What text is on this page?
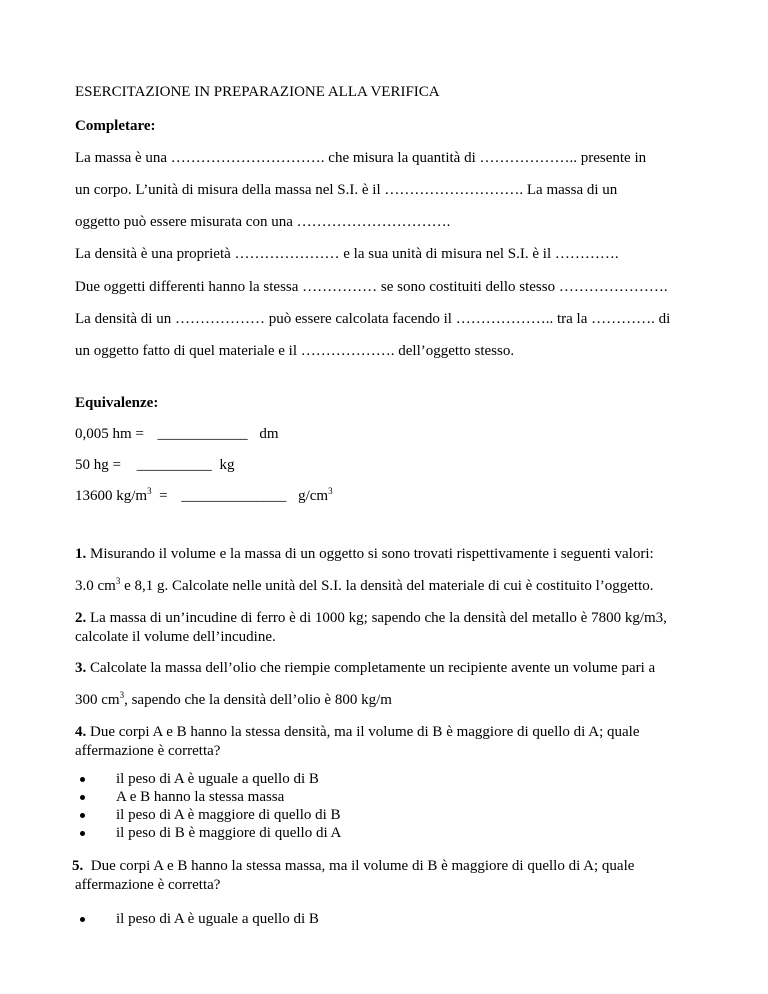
ESERCITAZIONE IN PREPARAZIONE ALLA VERIFICA
Completare:
La massa è una …………………………. che misura la quantità di ……………….. presente in
un corpo. L’unità di misura della massa nel S.I. è il ………………………. La massa di un
oggetto può essere misurata con una ………………………….
La densità è una proprietà ………………… e la sua unità di misura nel S.I. è il ………….
Due oggetti differenti hanno la stessa …………… se sono costituiti dello stesso ………………….
La densità di un ……………… può essere calcolata facendo il ……………….. tra la …………. di
un oggetto fatto di quel materiale e il ………………. dell’oggetto stesso.
Equivalenze:
0,005 hm = ____________ dm
50 hg = __________ kg
13600 $kg/m^3$  = ______________ $g/cm^3$
1. Misurando il volume e la massa di un oggetto si sono trovati rispettivamente i seguenti valori:
3.0 $cm^3$ e 8,1 g. Calcolate nelle unità del S.I. la densità del materiale di cui è costituito l’oggetto.
2. La massa di un’incudine di ferro è di 1000 kg; sapendo che la densità del metallo è 7800 kg/m3,
calcolate il volume dell’incudine.
3. Calcolate la massa dell’olio che riempie completamente un recipiente avente un volume pari a
300 $cm^3$, sapendo che la densità dell’olio è 800 kg/m
4. Due corpi A e B hanno la stessa densità, ma il volume di B è maggiore di quello di A; quale
affermazione è corretta?
il peso di A è uguale a quello di B
A e B hanno la stessa massa
il peso di A è maggiore di quello di B
il peso di B è maggiore di quello di A
5.  Due corpi A e B hanno la stessa massa, ma il volume di B è maggiore di quello di A; quale
affermazione è corretta?
il peso di A è uguale a quello di B
